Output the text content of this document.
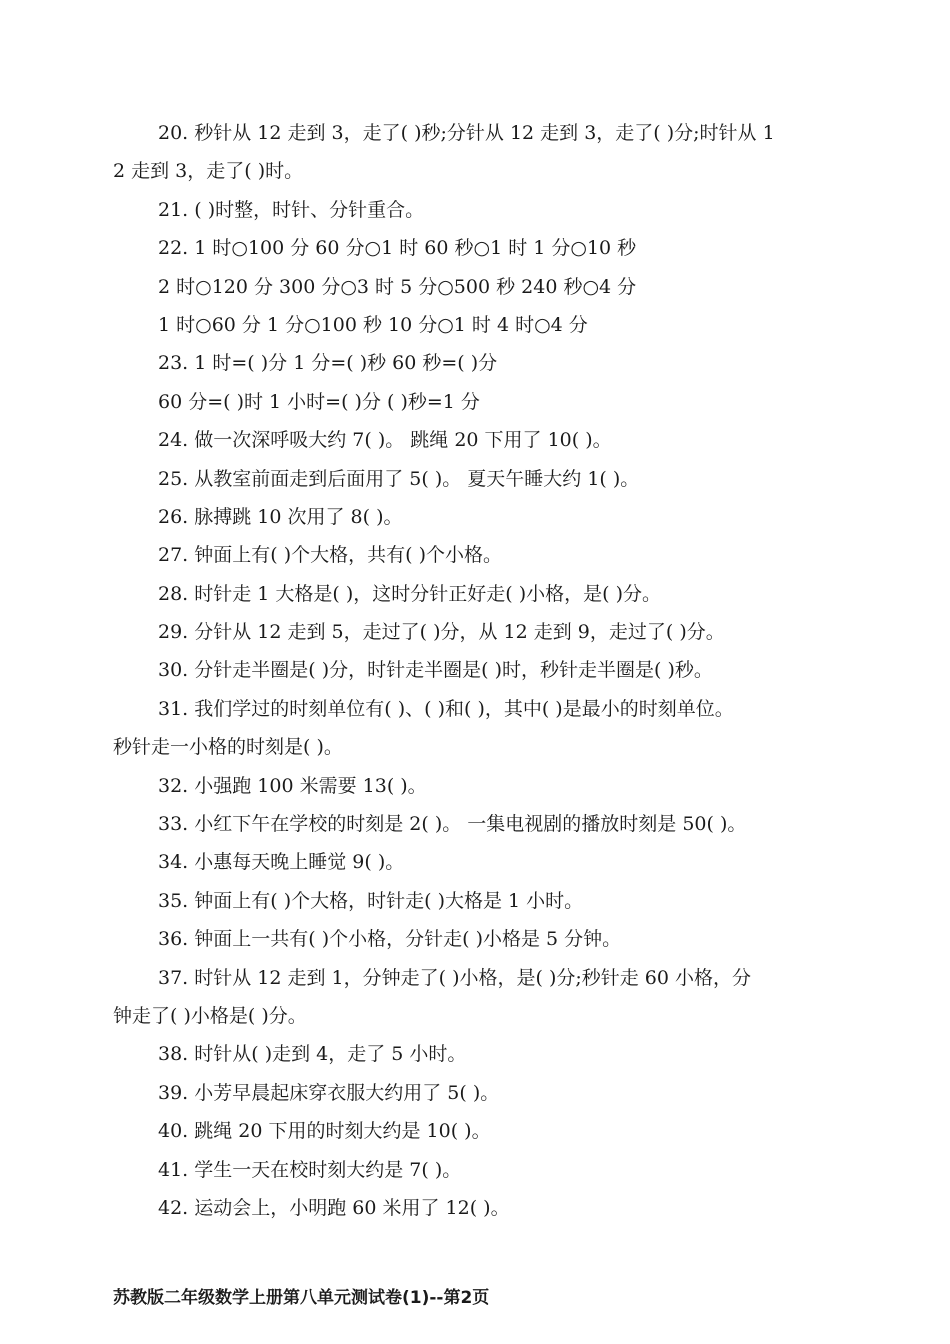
20. 秒针从 12 走到 3，走了( )秒;分针从 12 走到 3，走了( )分;时针从 1
2 走到 3，走了( )时。
21. ( )时整，时针、分针重合。
22. 1 时○100 分 60 分○1 时 60 秒○1 时 1 分○10 秒
2 时○120 分 300 分○3 时 5 分○500 秒 240 秒○4 分
1 时○60 分 1 分○100 秒 10 分○1 时 4 时○4 分
23. 1 时=( )分 1 分=( )秒 60 秒=( )分
60 分=( )时 1 小时=( )分 ( )秒=1 分
24. 做一次深呼吸大约 7( )。 跳绳 20 下用了 10( )。
25. 从教室前面走到后面用了 5( )。 夏天午睡大约 1( )。
26. 脉搏跳 10 次用了 8( )。
27. 钟面上有( )个大格，共有( )个小格。
28. 时针走 1 大格是( )，这时分针正好走( )小格，是( )分。
29. 分针从 12 走到 5，走过了( )分，从 12 走到 9，走过了( )分。
30. 分针走半圈是( )分，时针走半圈是( )时，秒针走半圈是( )秒。
31. 我们学过的时刻单位有( )、( )和( )，其中( )是最小的时刻单位。
秒针走一小格的时刻是( )。
32. 小强跑 100 米需要 13( )。
33. 小红下午在学校的时刻是 2( )。 一集电视剧的播放时刻是 50( )。
34. 小惠每天晚上睡觉 9( )。
35. 钟面上有( )个大格，时针走( )大格是 1 小时。
36. 钟面上一共有( )个小格，分针走( )小格是 5 分钟。
37. 时针从 12 走到 1，分钟走了( )小格，是( )分;秒针走 60 小格，分
钟走了( )小格是( )分。
38. 时针从( )走到 4，走了 5 小时。
39. 小芳早晨起床穿衣服大约用了 5( )。
40. 跳绳 20 下用的时刻大约是 10( )。
41. 学生一天在校时刻大约是 7( )。
42. 运动会上，小明跑 60 米用了 12( )。
苏教版二年级数学上册第八单元测试卷(1)--第2页
